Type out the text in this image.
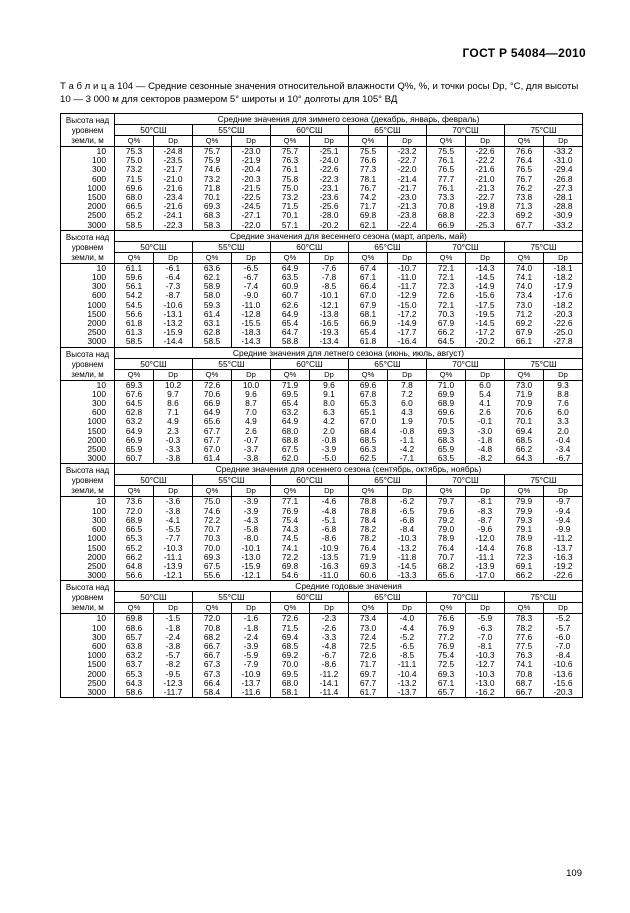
ГОСТ Р 54084—2010
Т а б л и ц а 104 — Средние сезонные значения относительной влажности Q%, %, и точки росы Dp, °С, для высоты 10 — 3 000 м для секторов размером 5° широты и 10° долготы для 105° ВД
Высота над уровнем земли, м	Средние значения для зимнего сезона (декабрь, январь, февраль)											
	50°СШ		55°СШ		60°СШ		65°СШ		70°СШ		75°СШ	
	Q%	Dp	Q%	Dp	Q%	Dp	Q%	Dp	Q%	Dp	Q%	Dp
10	75.3	-24.8	75.7	-23.0	75.7	-25.1	75.5	-23.2	75.5	-22.6	76.6	-33.2
100	75.0	-23.5	75.9	-21.9	76.3	-24.0	76.6	-22.7	76.1	-22.2	76.4	-31.0
300	73.2	-21.7	74.6	-20.4	76.1	-22.6	77.3	-22.0	76.5	-21.6	76.5	-29.4
600	71.5	-21.0	73.2	-20.3	75.8	-22.3	78.1	-21.4	77.7	-21.0	76.7	-26.8
1000	69.6	-21.6	71.8	-21.5	75.0	-23.1	76.7	-21.7	76.1	-21.3	76.2	-27.3
1500	68.0	-23.4	70.1	-22.5	73.2	-23.6	74.2	-23.0	73.3	-22.7	73.8	-28.1
2000	66.5	-21.6	69.3	-24.5	71.5	-25.6	71.7	-21.3	70.8	-19.8	71.3	-28.8
2500	65.2	-24.1	68.3	-27.1	70.1	-28.0	69.8	-23.8	68.8	-22.3	69.2	-30.9
3000	58.5	-22.3	58.3	-22.0	57.1	-20.2	62.1	-22.4	66.9	-25.3	67.7	-33.2
Высота над уровнем земли, м	Средние значения для весеннего сезона (март, апрель, май)											
	50°СШ		55°СШ		60°СШ		65°СШ		70°СШ		75°СШ	
	Q%	Dp	Q%	Dp	Q%	Dp	Q%	Dp	Q%	Dp	Q%	Dp
10	61.1	-6.1	63.6	-6.5	64.9	-7.6	67.4	-10.7	72.1	-14.3	74.0	-18.1
100	59.6	-6.4	62.1	-6.7	63.5	-7.8	67.1	-11.0	72.1	-14.5	74.1	-18.2
300	56.1	-7.3	58.9	-7.4	60.9	-8.5	66.4	-11.7	72.3	-14.9	74.0	-17.9
600	54.2	-8.7	58.0	-9.0	60.7	-10.1	67.0	-12.9	72.6	-15.6	73.4	-17.6
1000	54.5	-10.6	59.3	-11.0	62.6	-12.1	67.9	-15.0	72.1	-17.5	73.0	-18.2
1500	56.6	-13.1	61.4	-12.8	64.9	-13.8	68.1	-17.2	70.3	-19.5	71.2	-20.3
2000	61.8	-13.2	63.1	-15.5	65.4	-16.5	66.9	-14.9	67.9	-14.5	69.2	-22.6
2500	61.3	-15.9	62.8	-18.3	64.7	-19.3	65.4	-17.7	66.2	-17.2	67.9	-25.0
3000	58.5	-14.4	58.5	-14.3	58.8	-13.4	61.8	-16.4	64.5	-20.2	66.1	-27.8
Высота над уровнем земли, м	Средние значения для летнего сезона (июнь, июль, август)											
	50°СШ		55°СШ		60°СШ		65°СШ		70°СШ		75°СШ	
	Q%	Dp	Q%	Dp	Q%	Dp	Q%	Dp	Q%	Dp	Q%	Dp
10	69.3	10.2	72.6	10.0	71.9	9.6	69.6	7.8	71.0	6.0	73.0	9.3
100	67.6	9.7	70.6	9.6	69.5	9.1	67.8	7.2	69.9	5.4	71.9	8.8
300	64.5	8.6	66.9	8.7	65.4	8.0	65.3	6.0	68.9	4.1	70.9	7.6
600	62.8	7.1	64.9	7.0	63.2	6.3	65.1	4.3	69.6	2.6	70.6	6.0
1000	63.2	4.9	65.6	4.9	64.9	4.2	67.0	1.9	70.5	-0.1	70.1	3.3
1500	64.9	2.3	67.7	2.6	68.0	2.0	68.4	-0.8	69.3	-3.0	69.4	2.0
2000	66.9	-0.3	67.7	-0.7	68.8	-0.8	68.5	-1.1	68.3	-1.8	68.5	-0.4
2500	65.9	-3.3	67.0	-3.7	67.5	-3.9	66.3	-4.2	65.9	-4.8	66.2	-3.4
3000	60.7	-3.8	61.4	-3.8	62.0	-5.0	62.5	-7.1	63.5	-8.2	64.3	-6.7
Высота над уровнем земли, м	Средние значения для осеннего сезона (сентябрь, октябрь, ноябрь)											
	50°СШ		55°СШ		60°СШ		65°СШ		70°СШ		75°СШ	
	Q%	Dp	Q%	Dp	Q%	Dp	Q%	Dp	Q%	Dp	Q%	Dp
10	73.6	-3.6	75.0	-3.9	77.1	-4.6	78.8	-6.2	79.7	-8.1	79.9	-9.7
100	72.0	-3.8	74.6	-3.9	76.9	-4.8	78.8	-6.5	79.6	-8.3	79.9	-9.4
300	68.9	-4.1	72.2	-4.3	75.4	-5.1	78.4	-6.8	79.2	-8.7	79.3	-9.4
600	66.5	-5.5	70.7	-5.8	74.3	-6.8	78.2	-8.4	79.0	-9.6	79.1	-9.9
1000	65.3	-7.7	70.3	-8.0	74.5	-8.6	78.2	-10.3	78.9	-12.0	78.9	-11.2
1500	65.2	-10.3	70.0	-10.1	74.1	-10.9	76.4	-13.2	76.4	-14.4	76.8	-13.7
2000	66.2	-11.1	69.3	-13.0	72.2	-13.5	71.9	-11.8	70.7	-11.1	72.3	-16.3
2500	64.8	-13.9	67.5	-15.9	69.8	-16.3	69.3	-14.5	68.2	-13.9	69.1	-19.2
3000	56.6	-12.1	55.6	-12.1	54.6	-11.0	60.6	-13.3	65.6	-17.0	66.2	-22.6
Высота над уровнем земли, м	Средние годовые значения											
	50°СШ		55°СШ		60°СШ		65°СШ		70°СШ		75°СШ	
	Q%	Dp	Q%	Dp	Q%	Dp	Q%	Dp	Q%	Dp	Q%	Dp
10	69.8	-1.5	72.0	-1.6	72.6	-2.3	73.4	-4.0	76.6	-5.9	78.3	-5.2
100	68.6	-1.8	70.8	-1.8	71.5	-2.6	73.0	-4.4	76.9	-6.3	78.2	-5.7
300	65.7	-2.4	68.2	-2.4	69.4	-3.3	72.4	-5.2	77.2	-7.0	77.6	-6.0
600	63.8	-3.8	66.7	-3.9	68.5	-4.8	72.5	-6.5	76.9	-8.1	77.5	-7.0
1000	63.2	-5.7	66.7	-5.9	69.2	-6.7	72.6	-8.5	75.4	-10.3	76.3	-8.4
1500	63.7	-8.2	67.3	-7.9	70.0	-8.6	71.7	-11.1	72.5	-12.7	74.1	-10.6
2000	65.3	-9.5	67.3	-10.9	69.5	-11.2	69.7	-10.4	69.3	-10.3	70.8	-13.6
2500	64.3	-12.3	66.4	-13.7	68.0	-14.1	67.7	-13.2	67.1	-13.0	68.7	-15.6
3000	58.6	-11.7	58.4	-11.6	58.1	-11.4	61.7	-13.7	65.7	-16.2	66.7	-20.3
109
